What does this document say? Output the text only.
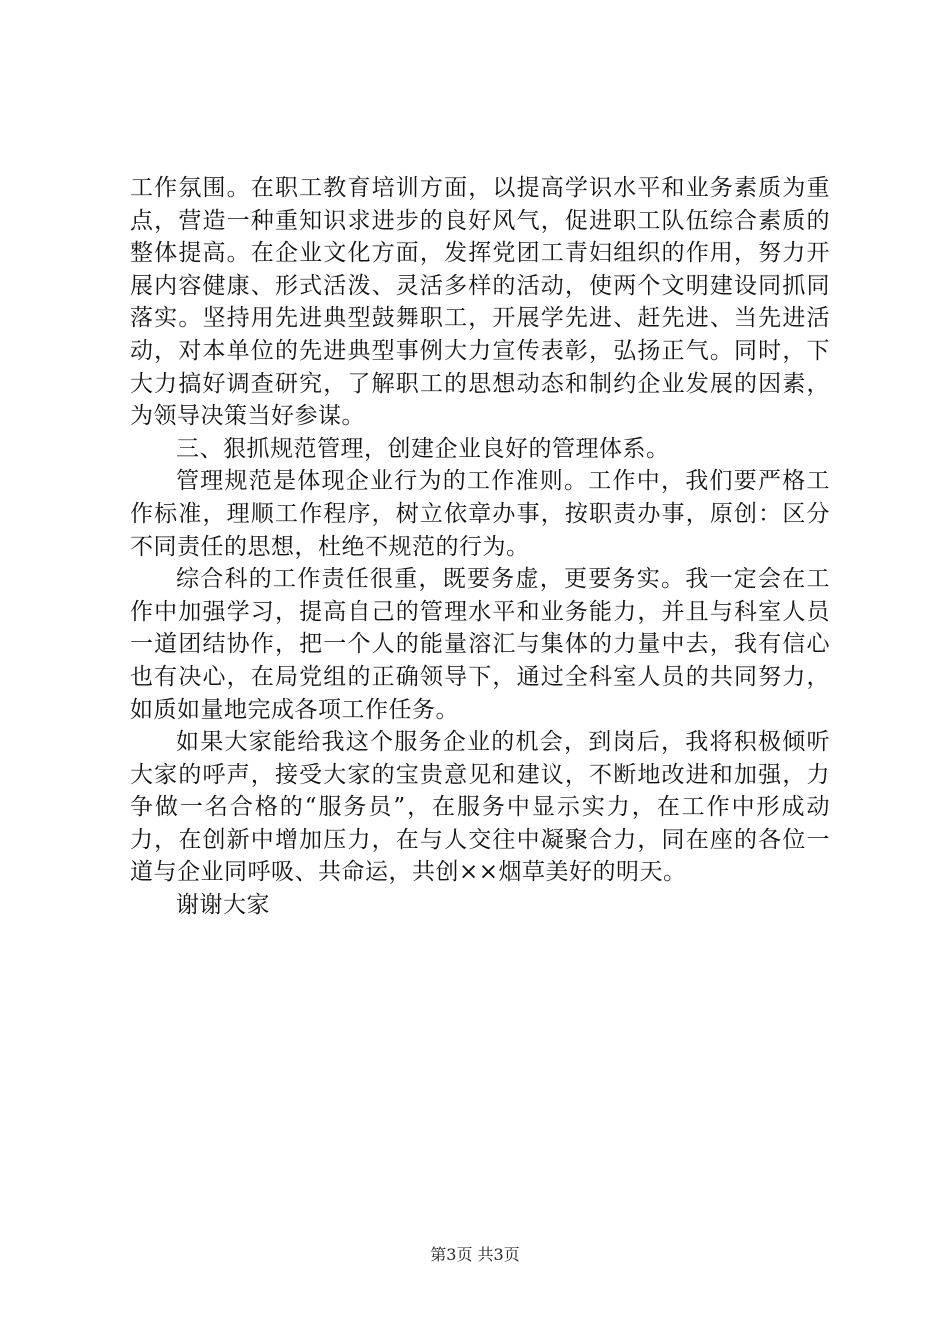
工作氛围。在职工教育培训方面，以提高学识水平和业务素质为重点，营造一种重知识求进步的良好风气，促进职工队伍综合素质的整体提高。在企业文化方面，发挥党团工青妇组织的作用，努力开展内容健康、形式活泼、灵活多样的活动，使两个文明建设同抓同落实。坚持用先进典型鼓舞职工，开展学先进、赶先进、当先进活动，对本单位的先进典型事例大力宣传表彰，弘扬正气。同时，下大力搞好调查研究，了解职工的思想动态和制约企业发展的因素，为领导决策当好参谋。

三、狠抓规范管理，创建企业良好的管理体系。

管理规范是体现企业行为的工作准则。工作中，我们要严格工作标准，理顺工作程序，树立依章办事，按职责办事，原创：区分不同责任的思想，杜绝不规范的行为。

综合科的工作责任很重，既要务虚，更要务实。我一定会在工作中加强学习，提高自己的管理水平和业务能力，并且与科室人员一道团结协作，把一个人的能量溶汇与集体的力量中去，我有信心也有决心，在局党组的正确领导下，通过全科室人员的共同努力，如质如量地完成各项工作任务。

如果大家能给我这个服务企业的机会，到岗后，我将积极倾听大家的呼声，接受大家的宝贵意见和建议，不断地改进和加强，力争做一名合格的“服务员”，在服务中显示实力，在工作中形成动力，在创新中增加压力，在与人交往中凝聚合力，同在座的各位一道与企业同呼吸、共命运，共创××烟草美好的明天。

谢谢大家

第3页 共3页
